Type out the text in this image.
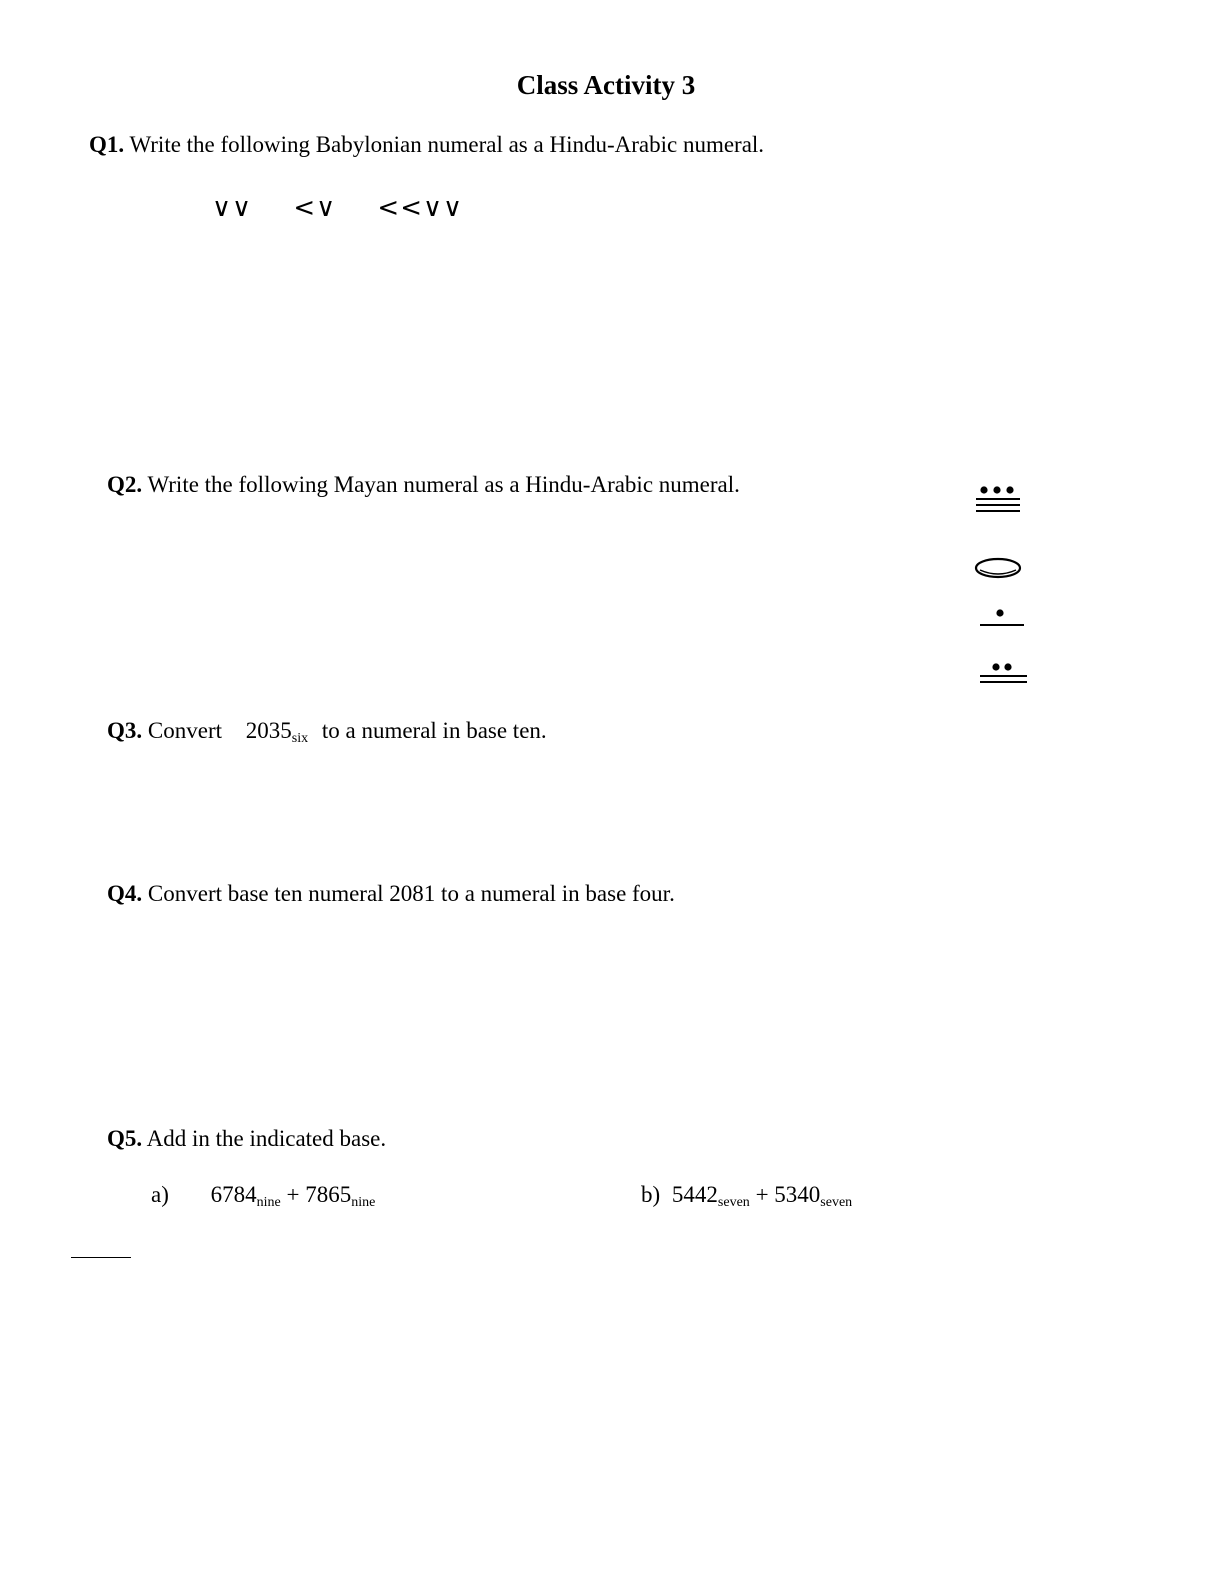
Class Activity 3
Q1. Write the following Babylonian numeral as a Hindu-Arabic numeral.
∨∨ <∨ <<∨∨
Q2. Write the following Mayan numeral as a Hindu-Arabic numeral.
Q3. Convert $2035_{six}$ to a numeral in base ten.
Q4. Convert base ten numeral 2081 to a numeral in base four.
Q5. Add in the indicated base.
a) $6784_{nine} + 7865_{nine}$	b) $5442_{seven} + 5340_{seven}$
